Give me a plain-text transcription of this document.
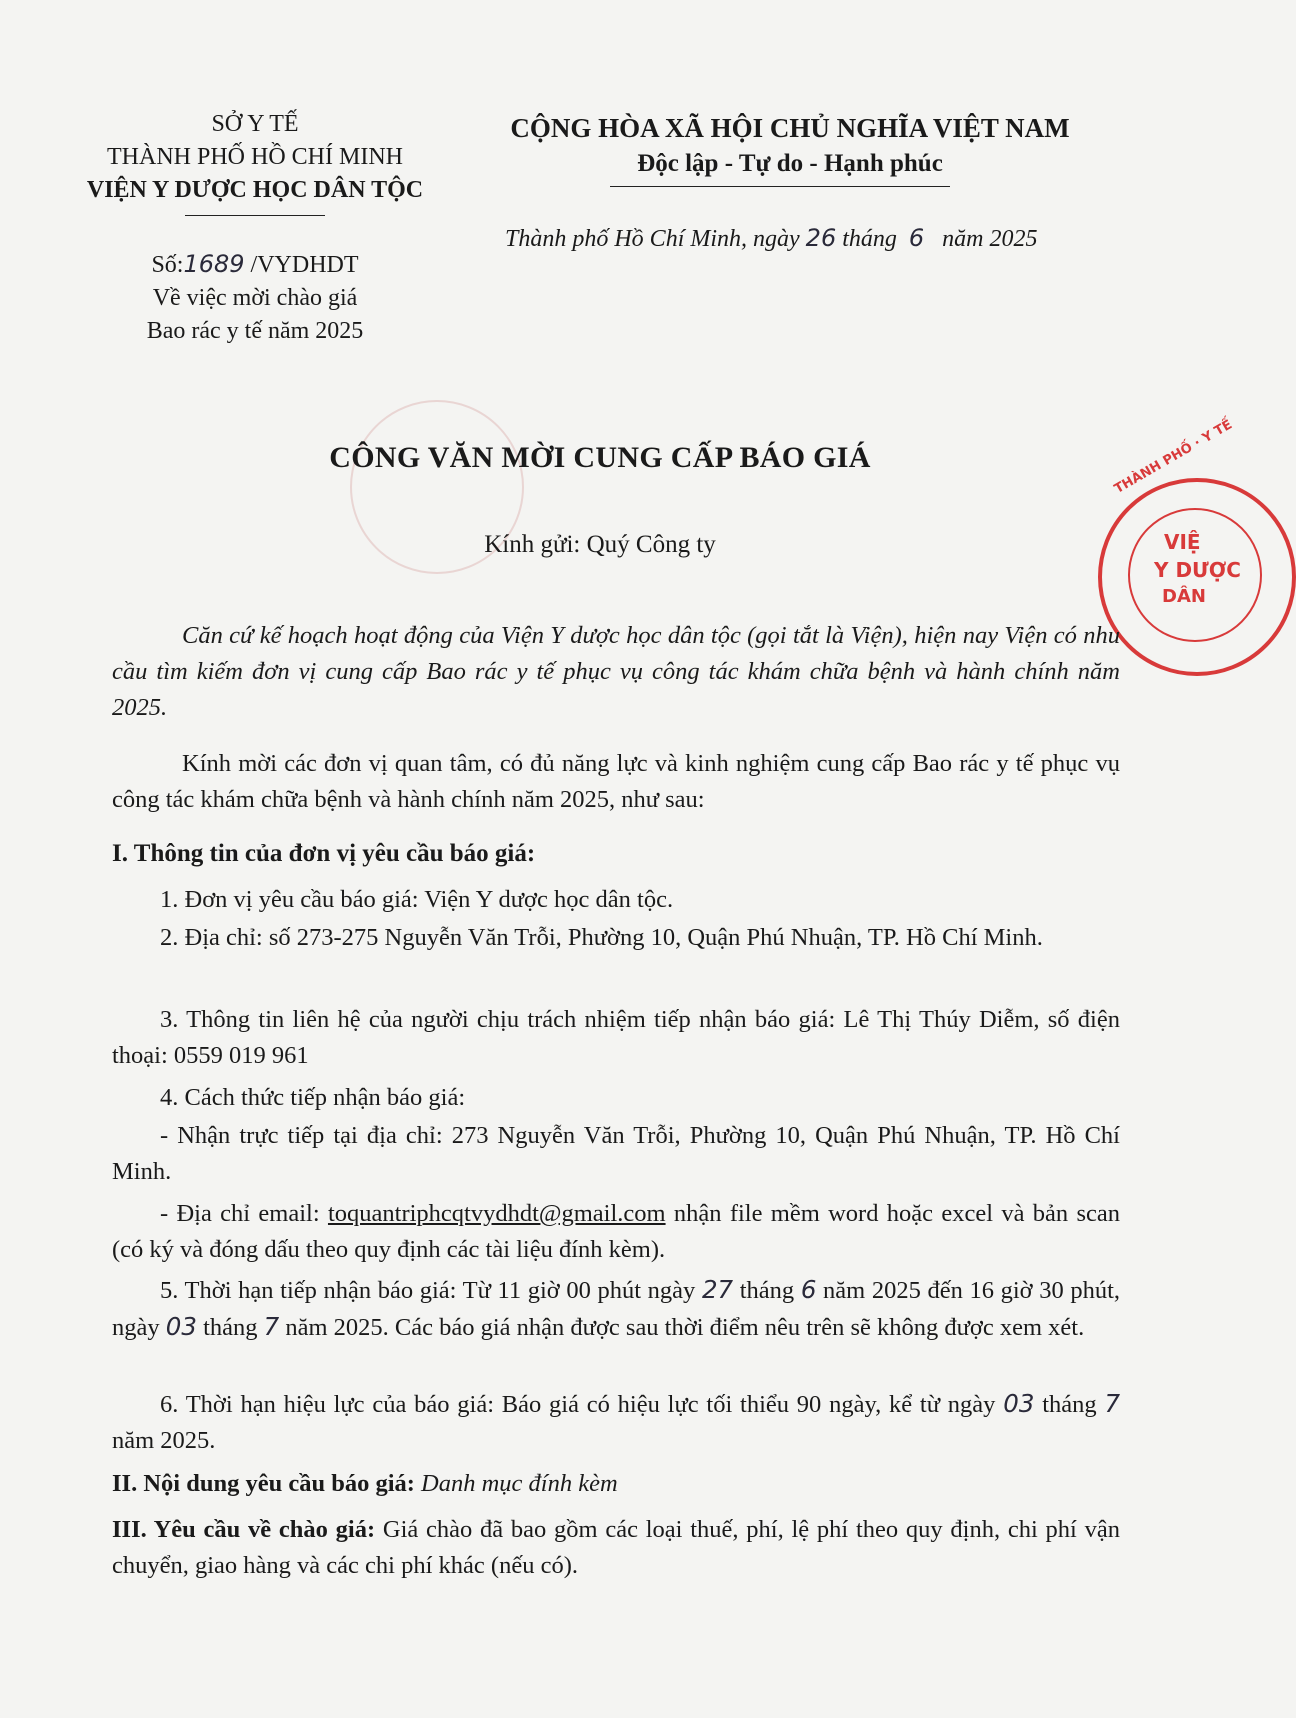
SỞ Y TẾ
THÀNH PHỐ HỒ CHÍ MINH
VIỆN Y DƯỢC HỌC DÂN TỘC
Số:1689 /VYDHDT
Về việc mời chào giá
Bao rác y tế năm 2025
CỘNG HÒA XÃ HỘI CHỦ NGHĨA VIỆT NAM
Độc lập - Tự do - Hạnh phúc
Thành phố Hồ Chí Minh, ngày 26 tháng 6 năm 2025
THÀNH PHỐ · Y TẾ
VIỆ
Y DƯỢC
DÂN
CÔNG VĂN MỜI CUNG CẤP BÁO GIÁ
Kính gửi: Quý Công ty
Căn cứ kế hoạch hoạt động của Viện Y dược học dân tộc (gọi tắt là Viện), hiện nay Viện có nhu cầu tìm kiếm đơn vị cung cấp Bao rác y tế phục vụ công tác khám chữa bệnh và hành chính năm 2025.
Kính mời các đơn vị quan tâm, có đủ năng lực và kinh nghiệm cung cấp Bao rác y tế phục vụ công tác khám chữa bệnh và hành chính năm 2025, như sau:
I. Thông tin của đơn vị yêu cầu báo giá:
1. Đơn vị yêu cầu báo giá: Viện Y dược học dân tộc.
2. Địa chỉ: số 273-275 Nguyễn Văn Trỗi, Phường 10, Quận Phú Nhuận, TP. Hồ Chí Minh.
3. Thông tin liên hệ của người chịu trách nhiệm tiếp nhận báo giá: Lê Thị Thúy Diễm, số điện thoại: 0559 019 961
4. Cách thức tiếp nhận báo giá:
- Nhận trực tiếp tại địa chỉ: 273 Nguyễn Văn Trỗi, Phường 10, Quận Phú Nhuận, TP. Hồ Chí Minh.
- Địa chỉ email: toquantriphcqtvydhdt@gmail.com nhận file mềm word hoặc excel và bản scan (có ký và đóng dấu theo quy định các tài liệu đính kèm).
5. Thời hạn tiếp nhận báo giá: Từ 11 giờ 00 phút ngày 27 tháng 6 năm 2025 đến 16 giờ 30 phút, ngày 03 tháng 7 năm 2025. Các báo giá nhận được sau thời điểm nêu trên sẽ không được xem xét.
6. Thời hạn hiệu lực của báo giá: Báo giá có hiệu lực tối thiểu 90 ngày, kể từ ngày 03 tháng 7 năm 2025.
II. Nội dung yêu cầu báo giá: Danh mục đính kèm
III. Yêu cầu về chào giá: Giá chào đã bao gồm các loại thuế, phí, lệ phí theo quy định, chi phí vận chuyển, giao hàng và các chi phí khác (nếu có).
